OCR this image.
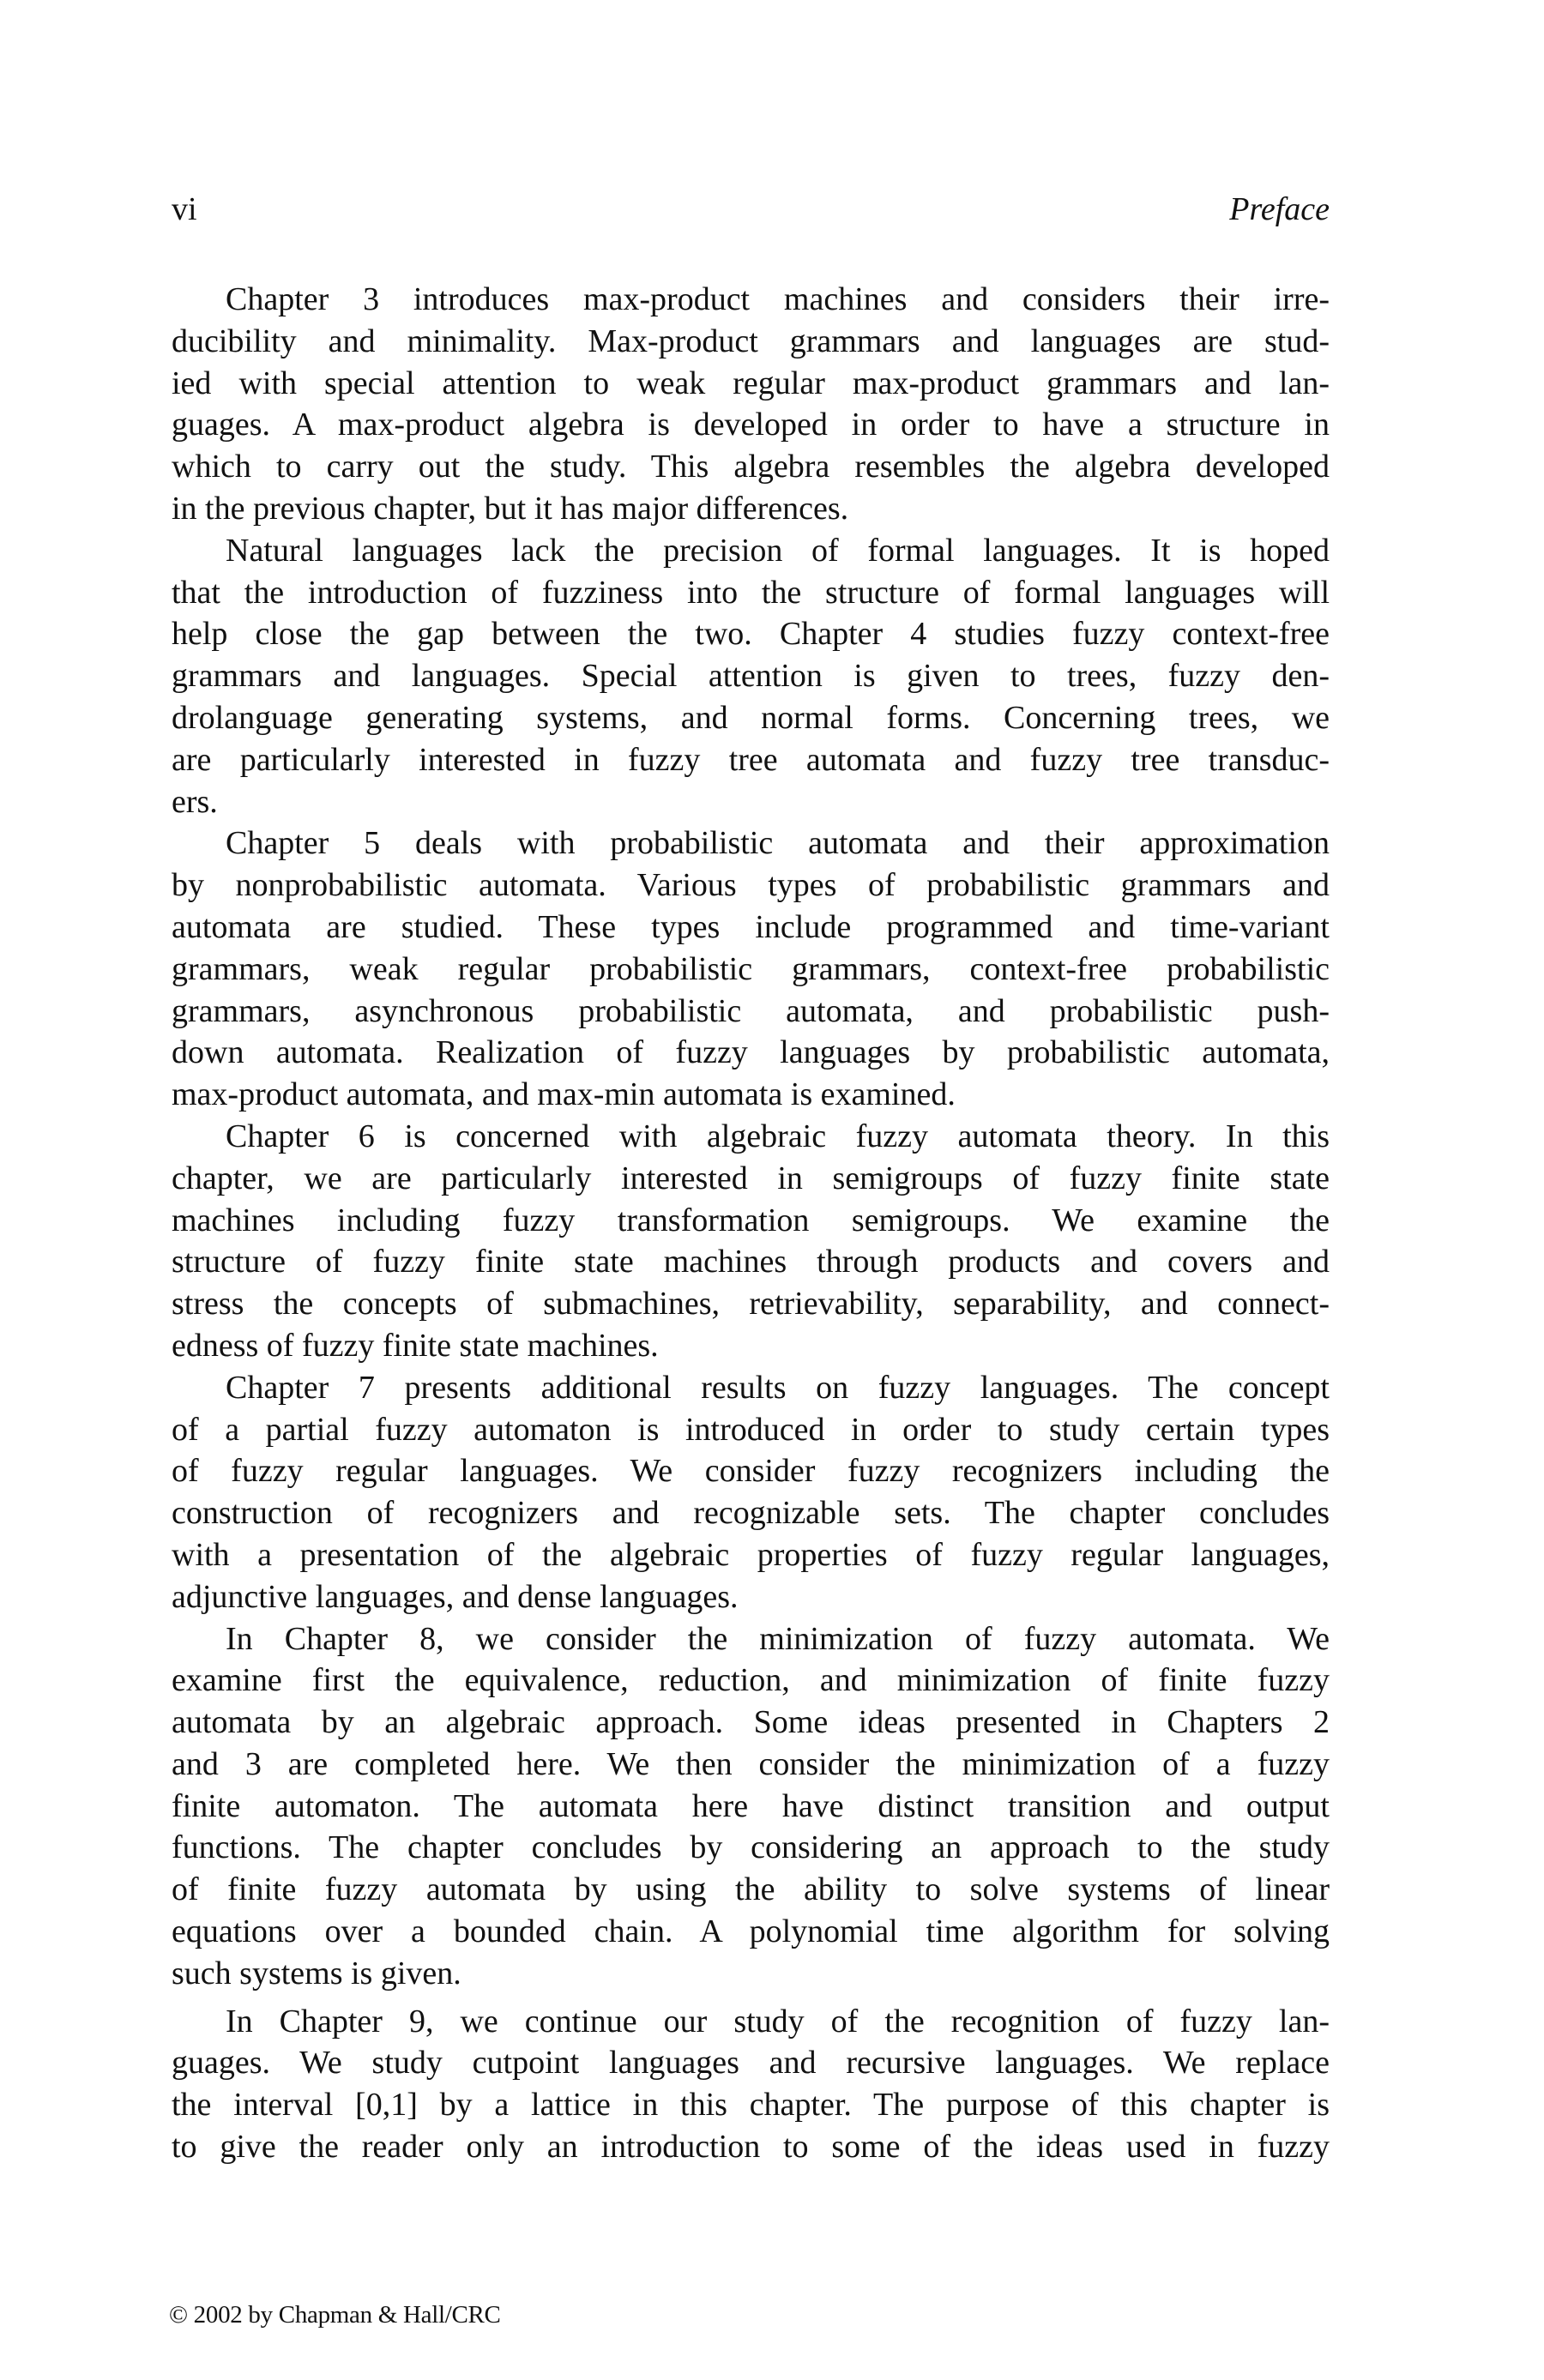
vi	Preface
Chapter 3 introduces max-product machines and considers their irre-
ducibility and minimality. Max-product grammars and languages are stud-
ied with special attention to weak regular max-product grammars and lan-
guages. A max-product algebra is developed in order to have a structure in
which to carry out the study. This algebra resembles the algebra developed
in the previous chapter, but it has major differences.
Natural languages lack the precision of formal languages. It is hoped
that the introduction of fuzziness into the structure of formal languages will
help close the gap between the two. Chapter 4 studies fuzzy context-free
grammars and languages. Special attention is given to trees, fuzzy den-
drolanguage generating systems, and normal forms. Concerning trees, we
are particularly interested in fuzzy tree automata and fuzzy tree transduc-
ers.
Chapter 5 deals with probabilistic automata and their approximation
by nonprobabilistic automata. Various types of probabilistic grammars and
automata are studied. These types include programmed and time-variant
grammars, weak regular probabilistic grammars, context-free probabilistic
grammars, asynchronous probabilistic automata, and probabilistic push-
down automata. Realization of fuzzy languages by probabilistic automata,
max-product automata, and max-min automata is examined.
Chapter 6 is concerned with algebraic fuzzy automata theory. In this
chapter, we are particularly interested in semigroups of fuzzy finite state
machines including fuzzy transformation semigroups. We examine the
structure of fuzzy finite state machines through products and covers and
stress the concepts of submachines, retrievability, separability, and connect-
edness of fuzzy finite state machines.
Chapter 7 presents additional results on fuzzy languages. The concept
of a partial fuzzy automaton is introduced in order to study certain types
of fuzzy regular languages. We consider fuzzy recognizers including the
construction of recognizers and recognizable sets. The chapter concludes
with a presentation of the algebraic properties of fuzzy regular languages,
adjunctive languages, and dense languages.
In Chapter 8, we consider the minimization of fuzzy automata. We
examine first the equivalence, reduction, and minimization of finite fuzzy
automata by an algebraic approach. Some ideas presented in Chapters 2
and 3 are completed here. We then consider the minimization of a fuzzy
finite automaton. The automata here have distinct transition and output
functions. The chapter concludes by considering an approach to the study
of finite fuzzy automata by using the ability to solve systems of linear
equations over a bounded chain. A polynomial time algorithm for solving
such systems is given.
In Chapter 9, we continue our study of the recognition of fuzzy lan-
guages. We study cutpoint languages and recursive languages. We replace
the interval [0,1] by a lattice in this chapter. The purpose of this chapter is
to give the reader only an introduction to some of the ideas used in fuzzy
© 2002 by Chapman & Hall/CRC
